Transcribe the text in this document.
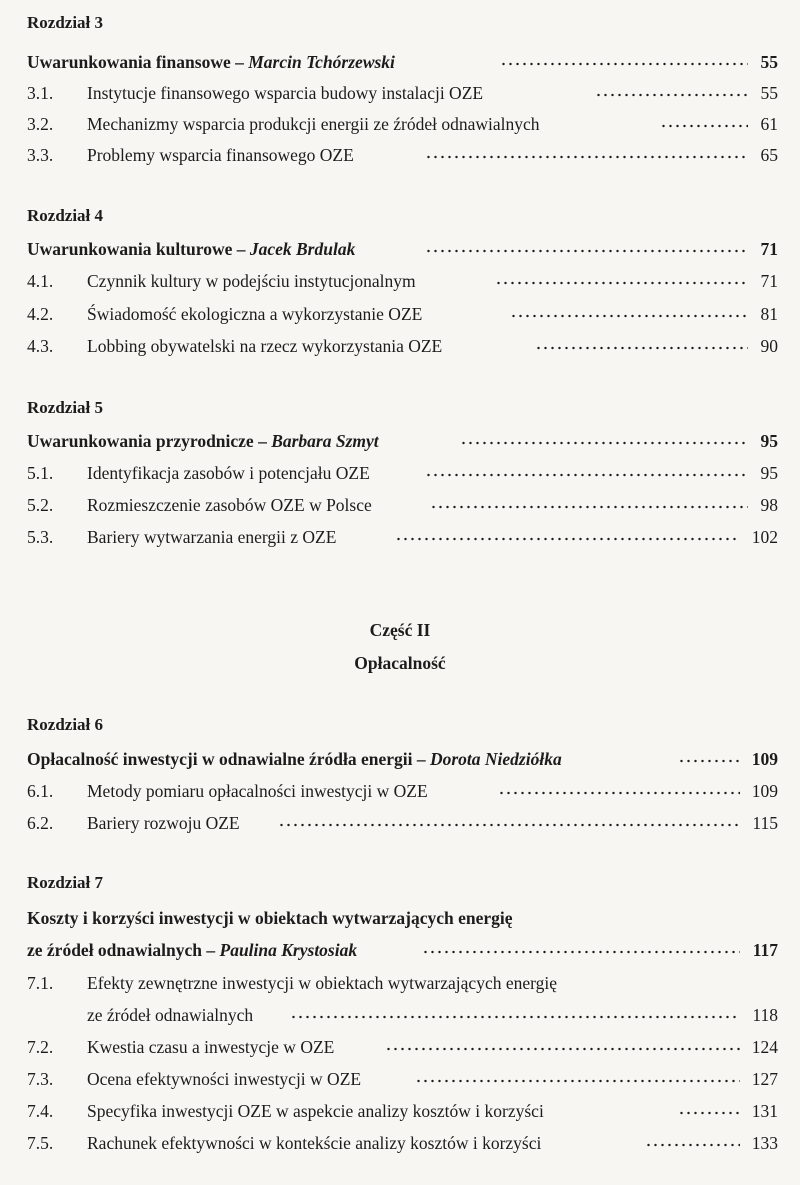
Rozdział 3
Uwarunkowania finansowe – Marcin Tchórzewski	55
3.1.	Instytucje finansowego wsparcia budowy instalacji OZE	55
3.2.	Mechanizmy wsparcia produkcji energii ze źródeł odnawialnych	61
3.3.	Problemy wsparcia finansowego OZE	65
Rozdział 4
Uwarunkowania kulturowe – Jacek Brdulak	71
4.1.	Czynnik kultury w podejściu instytucjonalnym	71
4.2.	Świadomość ekologiczna a wykorzystanie OZE	81
4.3.	Lobbing obywatelski na rzecz wykorzystania OZE	90
Rozdział 5
Uwarunkowania przyrodnicze – Barbara Szmyt	95
5.1.	Identyfikacja zasobów i potencjału OZE	95
5.2.	Rozmieszczenie zasobów OZE w Polsce	98
5.3.	Bariery wytwarzania energii z OZE	102
Część II
Opłacalność
Rozdział 6
Opłacalność inwestycji w odnawialne źródła energii – Dorota Niedziółka	109
6.1.	Metody pomiaru opłacalności inwestycji w OZE	109
6.2.	Bariery rozwoju OZE	115
Rozdział 7
Koszty i korzyści inwestycji w obiektach wytwarzających energię
ze źródeł odnawialnych – Paulina Krystosiak	117
7.1.	Efekty zewnętrzne inwestycji w obiektach wytwarzających energię
ze źródeł odnawialnych	118
7.2.	Kwestia czasu a inwestycje w OZE	124
7.3.	Ocena efektywności inwestycji w OZE	127
7.4.	Specyfika inwestycji OZE w aspekcie analizy kosztów i korzyści	131
7.5.	Rachunek efektywności w kontekście analizy kosztów i korzyści	133
